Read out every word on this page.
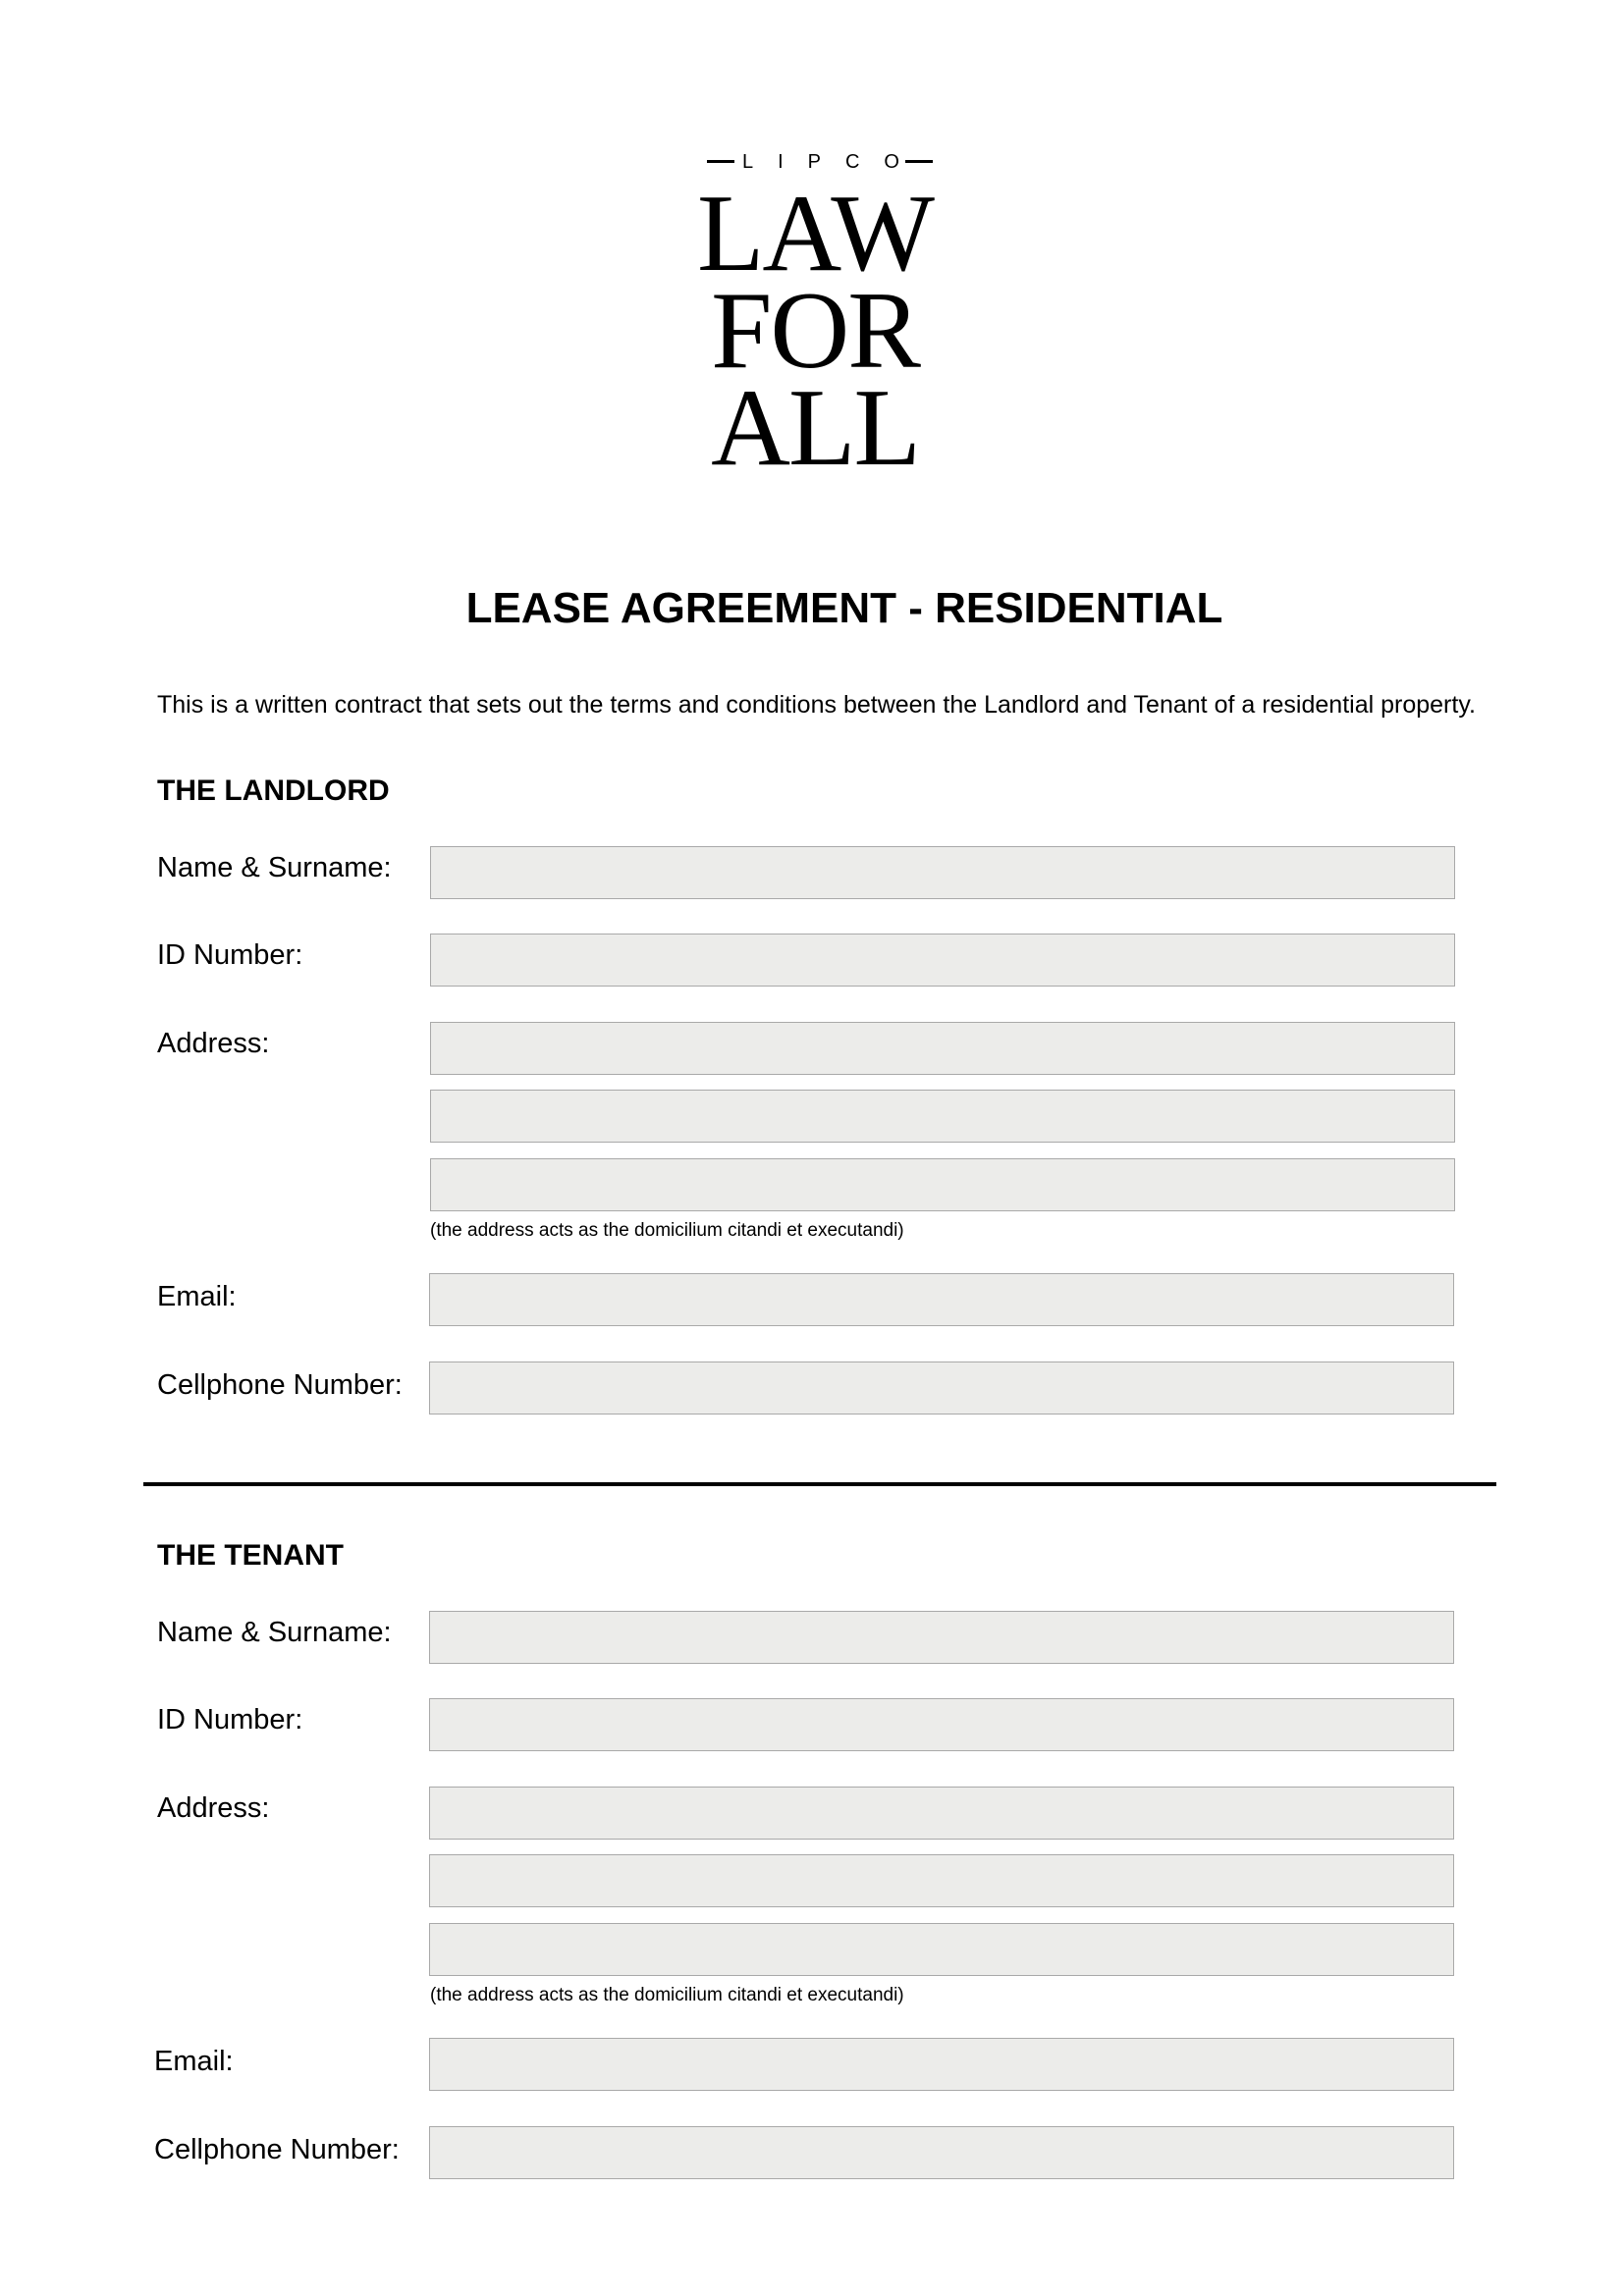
L I P C O
LAW
FOR
ALL
LEASE AGREEMENT - RESIDENTIAL
This is a written contract that sets out the terms and conditions between the Landlord and Tenant of a residential property.
THE LANDLORD
Name & Surname:
ID Number:
Address:
(the address acts as the domicilium citandi et executandi)
Email:
Cellphone Number:
THE TENANT
Name & Surname:
ID Number:
Address:
(the address acts as the domicilium citandi et executandi)
Email:
Cellphone Number:
